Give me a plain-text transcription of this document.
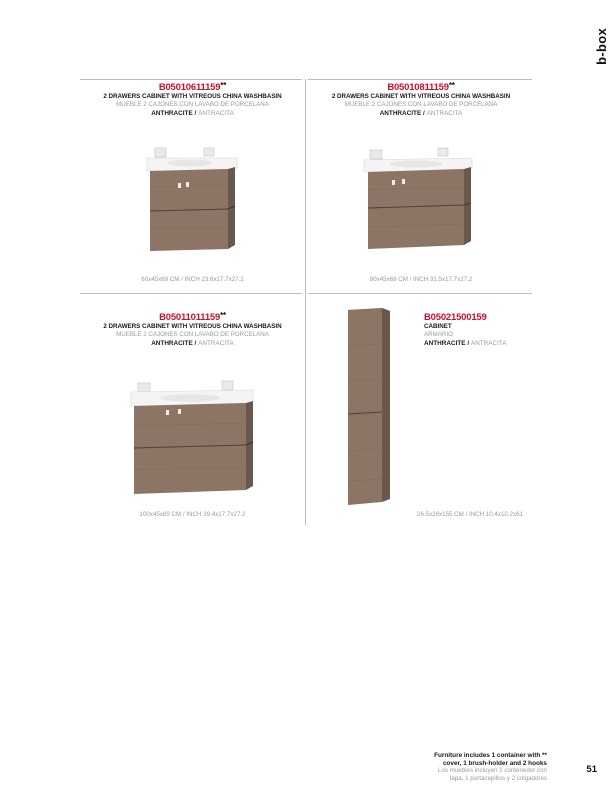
b-box
B05010611159**
2 DRAWERS CABINET WITH VITREOUS CHINA WASHBASIN
MUEBLE 2 CAJONES CON LAVABO DE PORCELANA
ANTHRACITE / ANTRACITA
60x45x69 CM / INCH 23.6x17.7x27.2
B05010811159**
2 DRAWERS CABINET WITH VITREOUS CHINA WASHBASIN
MUEBLE 2 CAJONES CON LAVABO DE PORCELANA
ANTHRACITE / ANTRACITA
80x45x69 CM / INCH 31.5x17.7x27.2
B05011011159**
2 DRAWERS CABINET WITH VITREOUS CHINA WASHBASIN
MUEBLE 2 CAJONES CON LAVABO DE PORCELANA
ANTHRACITE / ANTRACITA
100x45x69 CM / INCH 39.4x17.7x27.2
B05021500159
CABINET
ARMARIO
ANTHRACITE / ANTRACITA
26.5x26x155 CM / INCH 10.4x10.2x61
Furniture includes 1 container with **
cover, 1 brush-holder and 2 hooks
Los muebles incluyen 1 contenedor con
tapa, 1 portacepillos y 2 colgadores
51
